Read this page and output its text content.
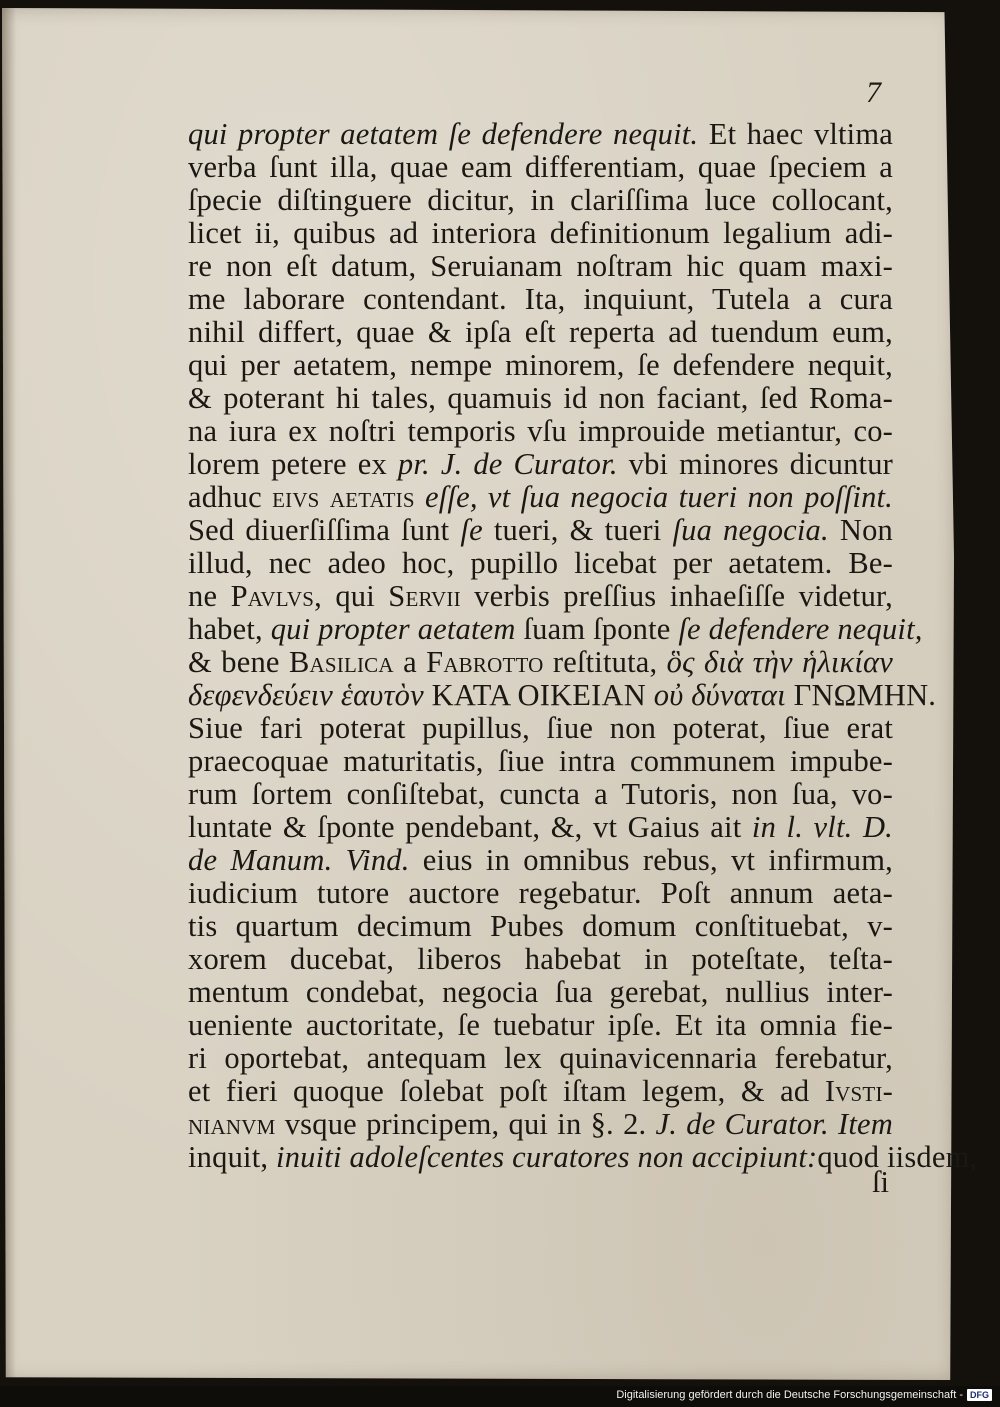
7
qui propter aetatem ſe defendere nequit. Et haec vltima
verba ſunt illa, quae eam differentiam, quae ſpeciem a
ſpecie diſtinguere dicitur, in clariſſima luce collocant,
licet ii, quibus ad interiora definitionum legalium adi-
re non eſt datum, Seruianam noſtram hic quam maxi-
me laborare contendant. Ita, inquiunt, Tutela a cura
nihil differt, quae & ipſa eſt reperta ad tuendum eum,
qui per aetatem, nempe minorem, ſe defendere nequit,
& poterant hi tales, quamuis id non faciant, ſed Roma-
na iura ex noſtri temporis vſu improuide metiantur, co-
lorem petere ex pr. J. de Curator. vbi minores dicuntur
adhuc eivs aetatis eſſe, vt ſua negocia tueri non poſſint.
Sed diuerſiſſima ſunt ſe tueri, & tueri ſua negocia. Non
illud, nec adeo hoc, pupillo licebat per aetatem. Be-
ne Pavlvs, qui Servii verbis preſſius inhaeſiſſe videtur,
habet, qui propter aetatem ſuam ſponte ſe defendere nequit,
& bene Basilica a Fabrotto reſtituta, ὃς διὰ τὴν ἡλικίαν
δεφενδεύειν ἑαυτὸν ΚΑΤΑ ΟΙΚΕΙΑΝ οὐ δύναται ΓΝΩΜΗΝ.
Siue fari poterat pupillus, ſiue non poterat, ſiue erat
praecoquae maturitatis, ſiue intra communem impube-
rum ſortem conſiſtebat, cuncta a Tutoris, non ſua, vo-
luntate & ſponte pendebant, &, vt Gaius ait in l. vlt. D.
de Manum. Vind. eius in omnibus rebus, vt infirmum,
iudicium tutore auctore regebatur. Poſt annum aeta-
tis quartum decimum Pubes domum conſtituebat, v-
xorem ducebat, liberos habebat in poteſtate, teſta-
mentum condebat, negocia ſua gerebat, nullius inter-
ueniente auctoritate, ſe tuebatur ipſe. Et ita omnia fie-
ri oportebat, antequam lex quinavicennaria ferebatur,
et fieri quoque ſolebat poſt iſtam legem, & ad Ivsti-
nianvm vsque principem, qui in §. 2. J. de Curator. Item
inquit, inuiti adoleſcentes curatores non accipiunt:quod iisdem,
ſi
Digitalisierung gefördert durch die Deutsche Forschungsgemeinschaft - DFG
